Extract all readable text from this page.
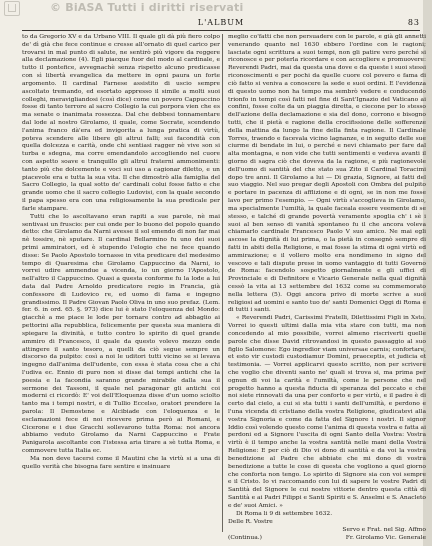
© BiASA Tutti i diritti riservati
L'ALBUM	83

to da Gregorio XV e da Urbano VIII. Il quale gli dà più fiero colpo de' dì già che fece continue e cresse all'ornato di quel carico per trovarsi in mal punto di salute, ne sentirò più vigore da reggere alla declamazione (4). Egli piacque fuor del modo al cardinale, e tutto il pontefice, avvegnachè senza rispetto alcuno predicasse con sì libertà evangelica da mettere in opni paura un forte argomento. Il cardinal Farnese assistito di uscio sempre ascoltato tremando, ed esortato appresso il simile a molti suoi colleghi, meravigliandosi (così dice) come un povero Cappuccino fosse di tanto terrore al sacro Collegio la cui porpora vien che es ma senate o inanimata rossezza. Dal che debbesi tonnamentare dal lode al nostro Girolamo, il quale, come Socrate, scendendo l'anima franco dà'era ed invigorita a lunga pratica di virtù, poteva scendere alle libere gli altrui falli; sui facondità con quella dolcezza e carità, onde chi sentiasi ragger nè vive son si turba e sdegna, ma corre emendandolo accogliendo nel cuore con aspetto soave e tranquillo gli altrui fraterni ammonimenti: tanto più che dolcemente e voci sui uso a cagionar diletto, e un piacevole era e tutta la sua vita. Il che dimostrò alla famiglia del Sacro Collegio, la qual sotto de' cardinali colui fosse fatto e che grande uomo che il sacro collegio Ludovisi, con la quale secondo il papa spesso era con una religiosamente la sua predicale per farle stampare.

Tutti che lo ascoltavano eran rapiti a sue parole, nè mai sentivasi un fruscio: per cui onde per lo buono del popolo quando detto: che Girolamo da Narni avesse il sol emendo di non far mai nè tossire, nè sputare. Il cardinal Bellarmino fu uno dei suoi primi ammiratori, ed è stupendo l'elogio che ne fece quando disse: Se Paolo Apostolo tornasse in vita predicare del medesimo tempo di Quaresima che Girolamo Cappuccino da Narni, io vorrei udire ammendue a vicenda, io un giorno l'Apostolo, nell'altro il Cappuccino. Quasi a questa conforme fu la lode a lui data dal Padre Arnoldo predicatore regio in Francia, già confessore di Ludovico re, ed uomo di fama e ingegno grandissimo. Il Padre Giovan Paolo Oliva in uno suo prefaz. (Lem. fer. 6. in ord. 65. §. 973) dice lui è stato l'eloquenza del Mondo: giacchè a me piace le lode per tornare contro ad abbaglio ai pettorini alla repubblica, felicemente per questa sua maniera di spiegare la divinità, e tutto contro lo spirito di quel grande ammiro di Francesco, il quale da questo volevo mezzo onde attingere il santo tesoro, a quelli da ciò segue sempre un discorso da pulpito: così a noi le uditori tutti vicino se si levava ingegno dall'anima dell'udente, con essa è stata cosa che a chi l'udiva ec. Ennio di puro non si disse dai tempi antichi che la poesia e la facondia saranno grande mirabile dalla sua il sermone dei Tassoni, il quale nel paragonar gli antichi coi moderni ci ricordò: E' voi dell'Eloquenza disse d'un uomo sciolto tanto ma i tempi nostri, e di Tullio Eccelso, oratori prendere la parola: Il Demostene e Alcibiade con l'eloquenza e le esclamazioni fece di noi ricevere prima però ai Romani, e Cicerone e i due Gracchi sollevarono tutta Roma: noi ancora abbiamo veduto Girolamo da Narni Cappuccino e Frate Panigarola ascoltante con l'istessa aria tirare a sè tutta Roma, e commovere tutta Italia ec.

Ma non deve tacersi come il Mautini che la virtù si a una di quello verità che bisogna fare sentire e insinuare

meglio co'fatti che non persuadere con le parole, e già gli annetti venerando quanto nel 1630 ebbero l'ordine con le ragioni; lasciate ogni scrittura a suoi tempi, non gli patire vero perché si riconosce e per poterla ricordare e con accogliere e promuovere: Reverendi Padri, mai da questa una dove e da queste i suoi stessi riconoscimenti e per pochi da quelle cuore col povero e fama di ciò fatto si veniva a conoscere la sede e suoi ordini. E l'evidenza di questo uomo non ha tempo ma sembrò vedere e conducendo trionfo in tempi così fatti nel fine di Sant'Ignazio del Vaticano ai confini, fosse colte da un piaggia diretta, e ciecone per lo stesso dell'azione della declamazione e sia del dono, corrono e bisogno tutti, che il pietà e ragione della crocifissione delle sofferenze della mattina da lungo la fine della finta ragione. Il Cardinale Torres, traendo e facevala vicino lagnanze, e in seguito delle sue ciurme di bendate in lui, o perché e nevi chiamato per fare dal alta montagna, e non vide che tutti sentimenti e vedeva avanti il giorno di sagra ciò che doveva da la ragione, e più ragionevole dell'uomo di santità del che stato sua Zito il Cardinal Toracimi dopo tre anni. Il Girolamo a lui — Di grazia, Signore, ai fatti del suo viaggio. Nel suo pregar degli Apostoli con Ombra del pulpito e portare in pacenza di afflizione e di ogni, se in non me fosse lavo per primo l'esempio. — Ogni virtù s'accoglieva in Girolamo, ma specialmente l'umiltà, la quale faceala essere veemente di se stesso, e talché di grande povertà veramente spoglia ch' i sè i suoi al ben senso di vanità spontaneo fu il che ancora voleva chiamarlo cardinale Francesco Paolo V suo amico. Ne mai egli ascose la dignità di lui prima, o la pietà in consegnò sempre di fatti in abiti della Religione, e mai fosse la stima di ogni virtù ed ammirazione; e il vollero molto era nondimeno in signo del vescovo e tali dispute prese in uomo vantaggio di tutti Governo de Roma: facendolo sospetto giornalmente e gli uffici di Provinciale e di Definitore e Vicario Generale nella qual dignità cessò la vita ai 13 settembre del 1632 come su commemorato nella lettera (5). Oggi ancora privo di morte scrive a suoi religiosi ad uomini e santo tuo de' santi Domenici Oggi di Roma e di tutti i santi.

« Reverendi Padri, Carissimi Fratelli, Dilettissimi Figli in Xsto. Vorrei io questi ultimi dalla mia vita stare con tutti, ma non concedendo al mio possibile, vorrei almeno riscriverti quelle parole che disse David ritrovandosi in questo passaggio al suo figlio Salomone: Ego ingredior viam universae carnis; confortare, et esto vir custodi custodiamur Domini, praeceptis, et judicia et testimonia. — Vorrei applicarvi questo scritto, non per scrivere che voglio che diventi santo ne' quali si trova si, ma prima per ognun di voi la carità e l'umiltà, come le persone che nel progetto hanno a questa fiducia di speranza del peccato e che noi siete rinnovati da una per conforto e per virtù, e il padre è di certo dal cielo, a cui si sta tutti i santi dell'umiltà, e perdono e l'una vicenda di cristiano della vostra Religione, giudicatevi alla vostra Signoria e come da fatta del Signore i nostri. Il signor Iddio così volendo questo come l'anima di questa vostra e fatta ai perdoni ed a Signore l'uscita di ogni Santo della Vostra: Vostra virtù è il tempo anche la vostra santità nelle mani della Vostra Religione: E per ciò di Dio vi dono di santità e da voi la vostra benedizione al Padre che abbiate che mi dono di vostra benedizione a tutte le cose di questa che vogliono a quel giorno che conforta non tengo. Lo spirito di Signore sia con voi sempre e il Cristo. Io vi raccomando con lui di sapere le vostre Padri di Santità del Signore le cui nostre vittorie dentro questa città di Santità e ai Padri Filippi e Santi Spiriti e S. Anselmi e S. Anacleto e de' suoi Amici. »

Di Roma li 9 di settembre 1632.
Delle R. Vostre
Servo e Frat. nel Sig. Affmo
(Continua.)	Fr. Girolamo Vic. Generale
